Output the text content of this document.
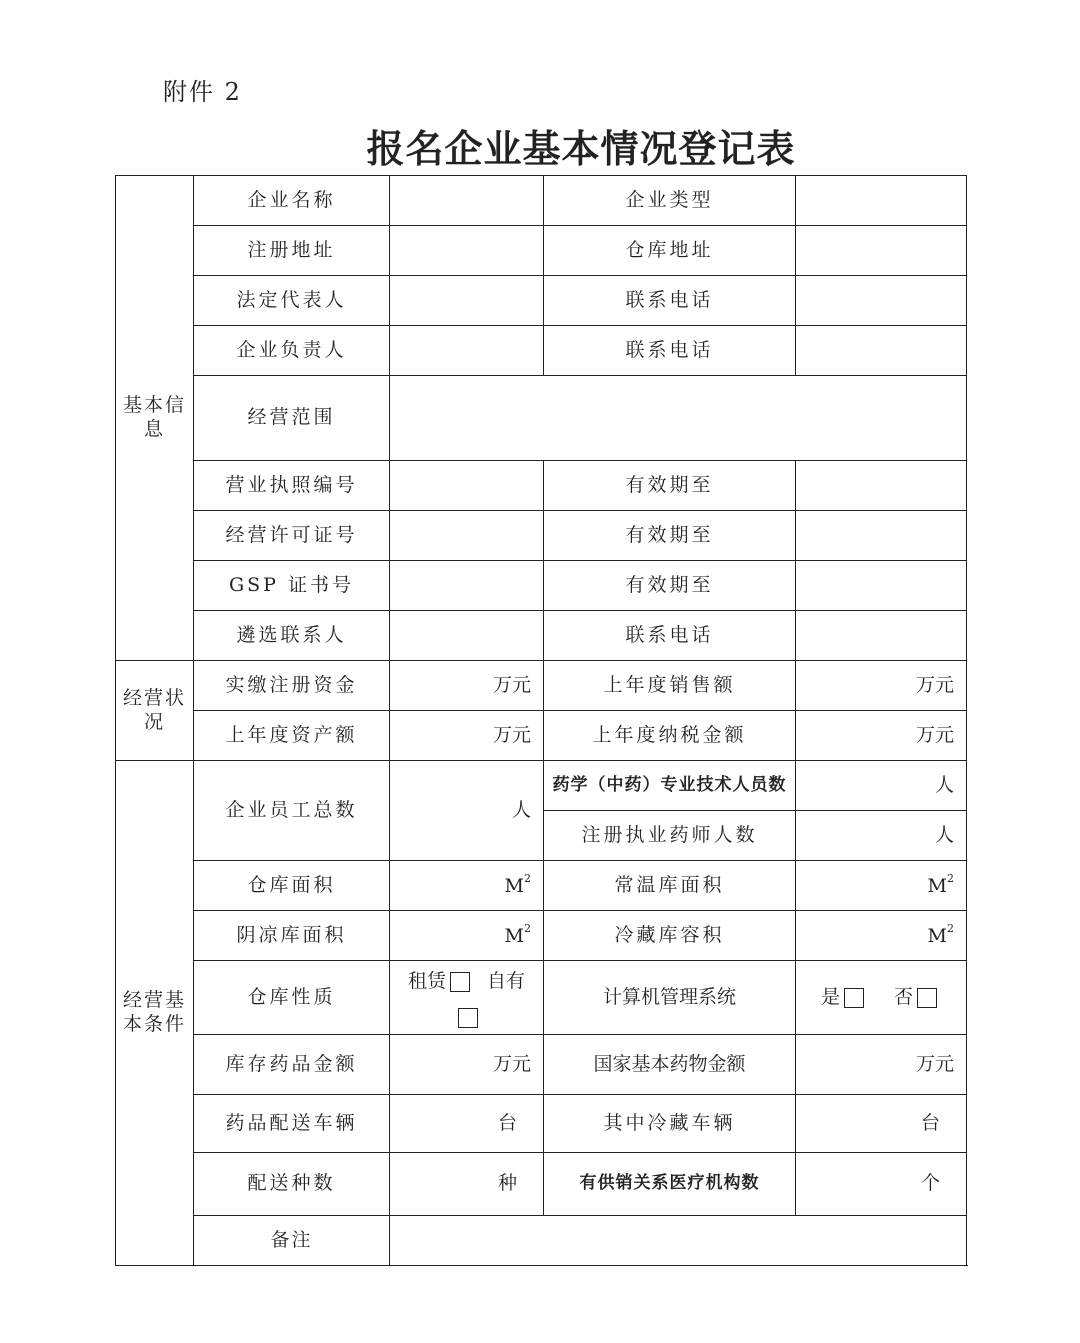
附件 2
报名企业基本情况登记表
基本信息	企业名称		企业类型	
	注册地址		仓库地址	
	法定代表人		联系电话	
	企业负责人		联系电话	
	经营范围			
	营业执照编号		有效期至	
	经营许可证号		有效期至	
	GSP 证书号		有效期至	
	遴选联系人		联系电话	
经营状况	实缴注册资金	万元	上年度销售额	万元
	上年度资产额	万元	上年度纳税金额	万元
经营基本条件	企业员工总数	人	药学（中药）专业技术人员数	人
			注册执业药师人数	人
	仓库面积	$M^2$	常温库面积	$M^2$
	阴凉库面积	$M^2$	冷藏库容积	$M^2$
	仓库性质	租赁 自有	计算机管理系统	是 否
	库存药品金额	万元	国家基本药物金额	万元
	药品配送车辆	台	其中冷藏车辆	台
	配送种数	种	有供销关系医疗机构数	个
	备注			
